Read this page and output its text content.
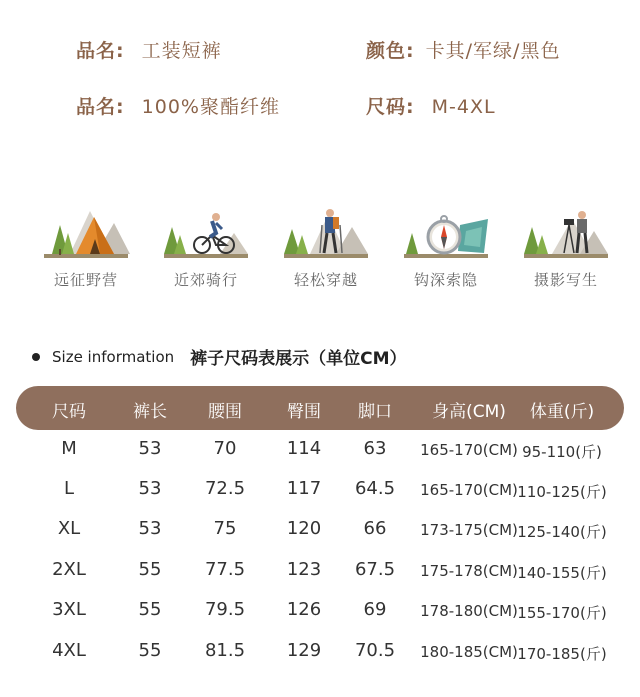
品名: 工装短裤	颜色: 卡其/军绿/黑色
品名: 100%聚酯纤维	尺码: M-4XL
远征野营	近郊骑行	轻松穿越	钩深索隐	摄影写生
Size information 裤子尺码表展示（单位CM）
尺码	裤长 腰围	臀围 脚口 身高(CM) 体重(斤)
M	53	70	114 63 165-170(CM) 95-110(斤)
L	53 72.5 117 64.5 165-170(CM) 110-125(斤)
XL	53	75	120 66 173-175(CM) 125-140(斤)
2XL	55 77.5 123 67.5 175-178(CM) 140-155(斤)
3XL	55 79.5 126 69 178-180(CM) 155-170(斤)
4XL	55 81.5 129 70.5 180-185(CM) 170-185(斤)
